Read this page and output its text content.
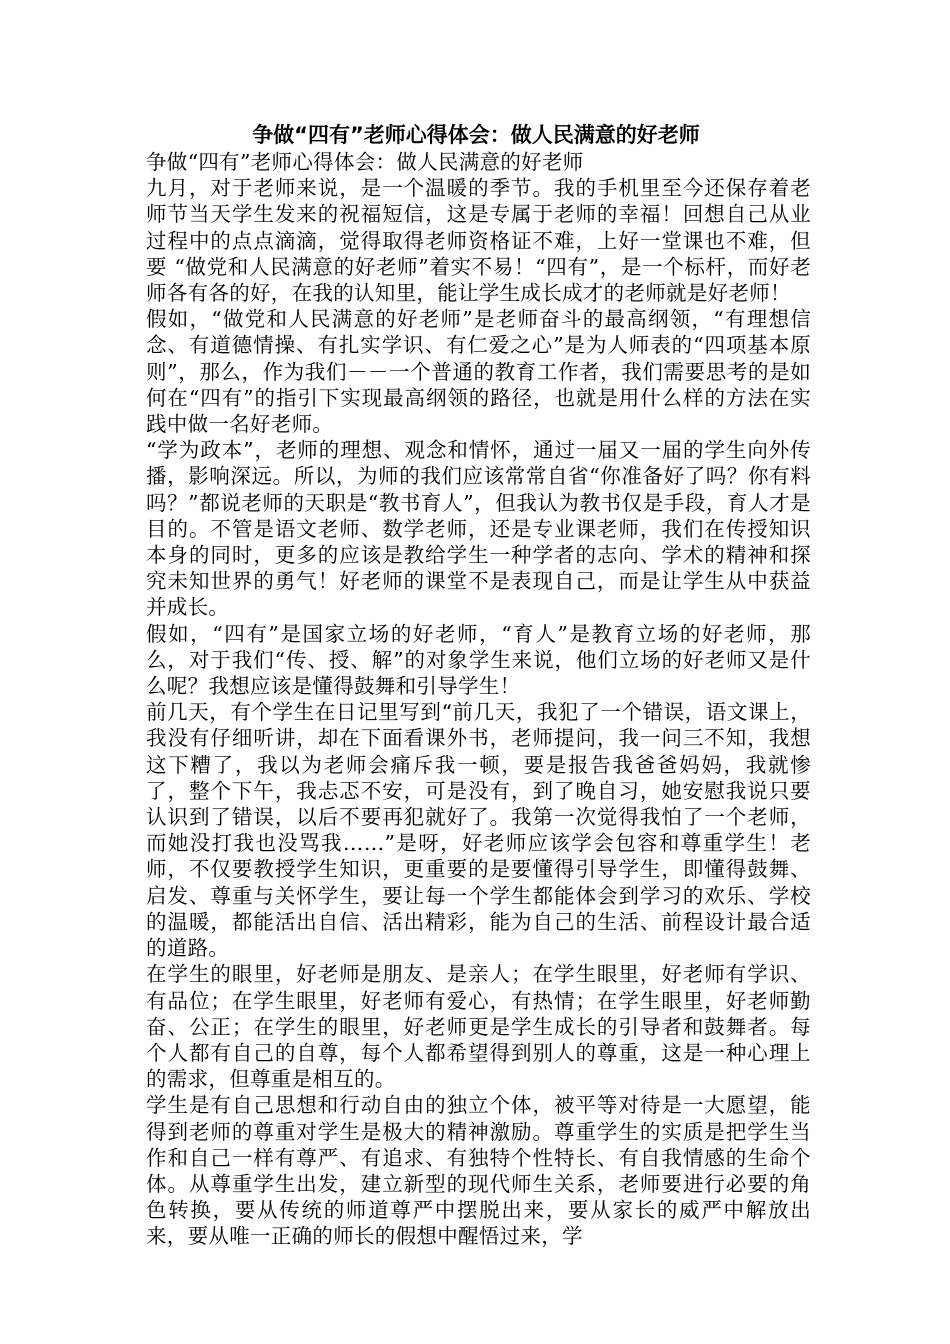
争做“四有”老师心得体会：做人民满意的好老师

争做“四有”老师心得体会：做人民满意的好老师

九月，对于老师来说，是一个温暖的季节。我的手机里至今还保存着老师节当天学生发来的祝福短信，这是专属于老师的幸福！回想自己从业过程中的点点滴滴，觉得取得老师资格证不难，上好一堂课也不难，但要 “做党和人民满意的好老师”着实不易！“四有”，是一个标杆，而好老师各有各的好，在我的认知里，能让学生成长成才的老师就是好老师！

假如，“做党和人民满意的好老师”是老师奋斗的最高纲领，“有理想信念、有道德情操、有扎实学识、有仁爱之心”是为人师表的“四项基本原则”，那么，作为我们－－一个普通的教育工作者，我们需要思考的是如何在“四有”的指引下实现最高纲领的路径，也就是用什么样的方法在实践中做一名好老师。

“学为政本”，老师的理想、观念和情怀，通过一届又一届的学生向外传播，影响深远。所以，为师的我们应该常常自省“你准备好了吗？你有料吗？”都说老师的天职是“教书育人”，但我认为教书仅是手段，育人才是目的。不管是语文老师、数学老师，还是专业课老师，我们在传授知识本身的同时，更多的应该是教给学生一种学者的志向、学术的精神和探究未知世界的勇气！好老师的课堂不是表现自己，而是让学生从中获益并成长。

假如，“四有”是国家立场的好老师，“育人”是教育立场的好老师，那么，对于我们“传、授、解”的对象学生来说，他们立场的好老师又是什么呢？我想应该是懂得鼓舞和引导学生！

前几天，有个学生在日记里写到“前几天，我犯了一个错误，语文课上，我没有仔细听讲，却在下面看课外书，老师提问，我一问三不知，我想这下糟了，我以为老师会痛斥我一顿，要是报告我爸爸妈妈，我就惨了，整个下午，我忐忑不安，可是没有，到了晚自习，她安慰我说只要认识到了错误，以后不要再犯就好了。我第一次觉得我怕了一个老师，而她没打我也没骂我……”是呀，好老师应该学会包容和尊重学生！老师，不仅要教授学生知识，更重要的是要懂得引导学生，即懂得鼓舞、启发、尊重与关怀学生，要让每一个学生都能体会到学习的欢乐、学校的温暖，都能活出自信、活出精彩，能为自己的生活、前程设计最合适的道路。

在学生的眼里，好老师是朋友、是亲人；在学生眼里，好老师有学识、有品位；在学生眼里，好老师有爱心，有热情；在学生眼里，好老师勤奋、公正；在学生的眼里，好老师更是学生成长的引导者和鼓舞者。每个人都有自己的自尊，每个人都希望得到别人的尊重，这是一种心理上的需求，但尊重是相互的。

学生是有自己思想和行动自由的独立个体，被平等对待是一大愿望，能得到老师的尊重对学生是极大的精神激励。尊重学生的实质是把学生当作和自己一样有尊严、有追求、有独特个性特长、有自我情感的生命个体。从尊重学生出发，建立新型的现代师生关系，老师要进行必要的角色转换，要从传统的师道尊严中摆脱出来，要从家长的威严中解放出来，要从唯一正确的师长的假想中醒悟过来，学
